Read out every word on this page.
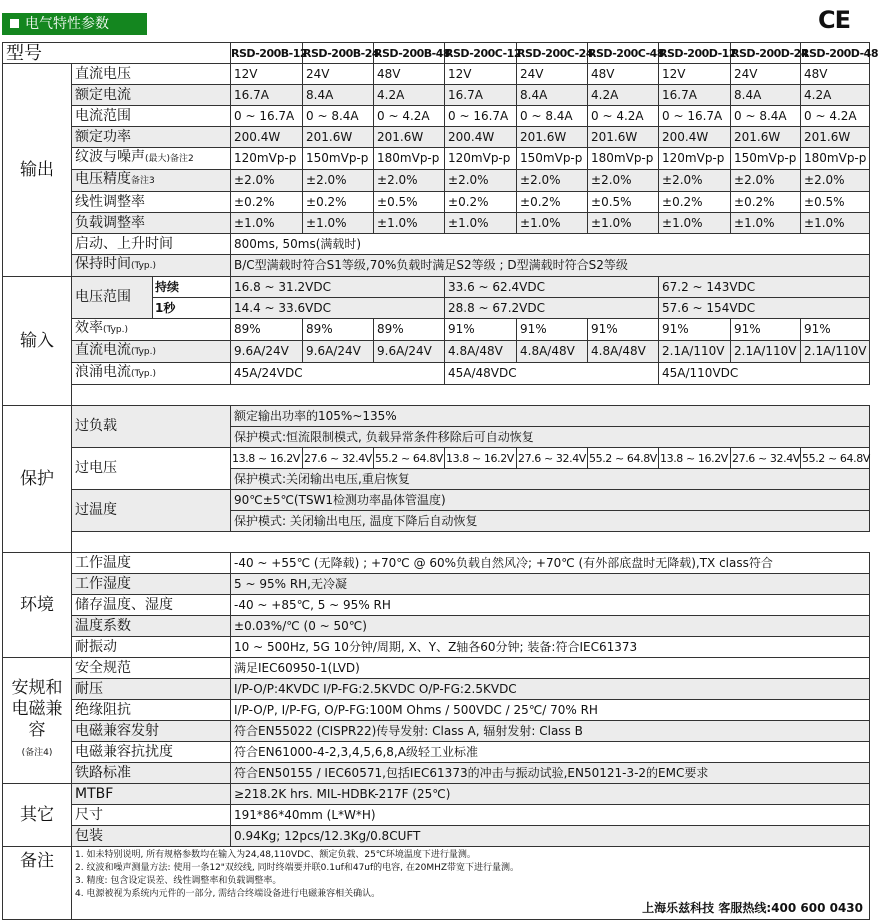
电气特性参数	CE
型号			RSD-200B-12	RSD-200B-24	RSD-200B-48	RSD-200C-12	RSD-200C-24	RSD-200C-48	RSD-200D-12	RSD-200D-24	RSD-200D-48
输出	直流电压		12V	24V	48V	12V	24V	48V	12V	24V	48V
	额定电流		16.7A	8.4A	4.2A	16.7A	8.4A	4.2A	16.7A	8.4A	4.2A
	电流范围		0 ~ 16.7A	0 ~ 8.4A	0 ~ 4.2A	0 ~ 16.7A	0 ~ 8.4A	0 ~ 4.2A	0 ~ 16.7A	0 ~ 8.4A	0 ~ 4.2A
	额定功率		200.4W	201.6W	201.6W	200.4W	201.6W	201.6W	200.4W	201.6W	201.6W
	纹波与噪声(最大)备注2		120mVp-p	150mVp-p	180mVp-p	120mVp-p	150mVp-p	180mVp-p	120mVp-p	150mVp-p	180mVp-p
	电压精度备注3		±2.0%	±2.0%	±2.0%	±2.0%	±2.0%	±2.0%	±2.0%	±2.0%	±2.0%
	线性调整率		±0.2%	±0.2%	±0.5%	±0.2%	±0.2%	±0.5%	±0.2%	±0.2%	±0.5%
	负载调整率		±1.0%	±1.0%	±1.0%	±1.0%	±1.0%	±1.0%	±1.0%	±1.0%	±1.0%
	启动、上升时间		800ms, 50ms(满载时)								
	保持时间(Typ.)		B/C型满载时符合S1等级,70%负载时满足S2等级 ; D型满载时符合S2等级								
输入	电压范围	持续	16.8 ~ 31.2VDC			33.6 ~ 62.4VDC			67.2 ~ 143VDC		
		1秒	14.4 ~ 33.6VDC			28.8 ~ 67.2VDC			57.6 ~ 154VDC		
	效率(Typ.)		89%	89%	89%	91%	91%	91%	91%	91%	91%
	直流电流(Typ.)		9.6A/24V	9.6A/24V	9.6A/24V	4.8A/48V	4.8A/48V	4.8A/48V	2.1A/110V	2.1A/110V	2.1A/110V
	浪涌电流(Typ.)		45A/24VDC			45A/48VDC			45A/110VDC		

保护	过负载		额定输出功率的105%~135%								
			保护模式:恒流限制模式, 负载异常条件移除后可自动恢复								
	过电压		13.8 ~ 16.2V	27.6 ~ 32.4V	55.2 ~ 64.8V	13.8 ~ 16.2V	27.6 ~ 32.4V	55.2 ~ 64.8V	13.8 ~ 16.2V	27.6 ~ 32.4V	55.2 ~ 64.8V
			保护模式:关闭输出电压,重启恢复								
	过温度		90℃±5℃(TSW1检测功率晶体管温度)								
			保护模式: 关闭输出电压, 温度下降后自动恢复								

环境	工作温度		-40 ~ +55℃ (无降载) ; +70℃ @ 60%负载自然风冷; +70℃ (有外部底盘时无降载),TX class符合								
	工作湿度		5 ~ 95% RH,无冷凝								
	储存温度、湿度		-40 ~ +85℃, 5 ~ 95% RH								
	温度系数		±0.03%/℃ (0 ~ 50℃)								
	耐振动		10 ~ 500Hz, 5G 10分钟/周期, X、Y、Z轴各60分钟; 装备:符合IEC61373								

安规和电磁兼容
(备注4)	安全规范		满足IEC60950-1(LVD)								
	耐压		I/P-O/P:4KVDC I/P-FG:2.5KVDC O/P-FG:2.5KVDC								
	绝缘阻抗		I/P-O/P, I/P-FG, O/P-FG:100M Ohms / 500VDC / 25℃/ 70% RH								
	电磁兼容发射		符合EN55022 (CISPR22)传导发射: Class A, 辐射发射: Class B								
	电磁兼容抗扰度		符合EN61000-4-2,3,4,5,6,8,A级轻工业标准								
	铁路标准		符合EN50155 / IEC60571,包括IEC61373的冲击与振动试验,EN50121-3-2的EMC要求								
其它	MTBF		≥218.2K hrs. MIL-HDBK-217F (25℃)								
	尺寸		191*86*40mm (L*W*H)								
	包装		0.94Kg; 12pcs/12.3Kg/0.8CUFT								
备注	1. 如未特别说明, 所有规格参数均在输入为24,48,110VDC、额定负载、25℃环境温度下进行量测。
2. 纹波和噪声测量方法: 使用一条12"双绞线, 同时终端要并联0.1uf和47uf的电容, 在20MHZ带宽下进行量测。
3. 精度: 包含设定误差、线性调整率和负载调整率。
4. 电源被视为系统内元件的一部分, 需结合终端设备进行电磁兼容相关确认。
上海乐兹科技 客服热线:400 600 0430										
